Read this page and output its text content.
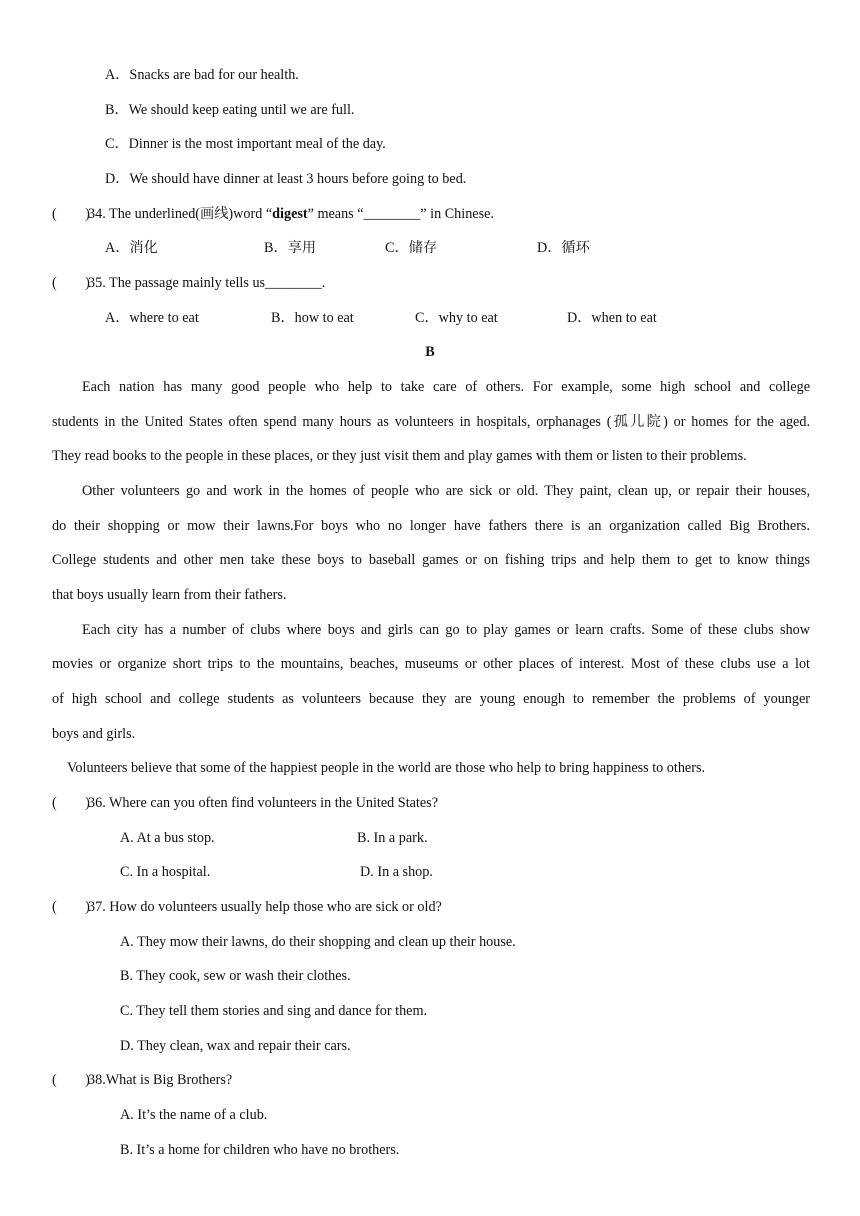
A．Snacks are bad for our health.
B．We should keep eating until we are full.
C．Dinner is the most important meal of the day.
D．We should have dinner at least 3 hours before going to bed.
(　　)
34. The underlined(画线)word “digest” means “________” in Chinese.
A．消化	B．享用	C．储存	D．循环
(　　)
35. The passage mainly tells us________.
A．where to eat	B．how to eat	C．why to eat	D．when to eat
B
Each nation has many good people who help to take care of others. For example, some high school and college
students in the United States often spend many hours as volunteers in hospitals, orphanages (孤儿院) or homes for the aged.
They read books to the people in these places, or they just visit them and play games with them or listen to their problems.
Other volunteers go and work in the homes of people who are sick or old. They paint, clean up, or repair their houses,
do their shopping or mow their lawns.For boys who no longer have fathers there is an organization called Big Brothers.
College students and other men take these boys to baseball games or on fishing trips and help them to get to know things
that boys usually learn from their fathers.
Each city has a number of clubs where boys and girls can go to play games or learn crafts. Some of these clubs show
movies or organize short trips to the mountains, beaches, museums or other places of interest. Most of these clubs use a lot
of high school and college students as volunteers because they are young enough to remember the problems of younger
boys and girls.
Volunteers believe that some of the happiest people in the world are those who help to bring happiness to others.
(　　)
36. Where can you often find volunteers in the United States?
A. At a bus stop.	B. In a park.
C. In a hospital.	D. In a shop.
(　　)
37. How do volunteers usually help those who are sick or old?
A. They mow their lawns, do their shopping and clean up their house.
B. They cook, sew or wash their clothes.
C. They tell them stories and sing and dance for them.
D. They clean, wax and repair their cars.
(　　)
38.What is Big Brothers?
A. It’s the name of a club.
B. It’s a home for children who have no brothers.
